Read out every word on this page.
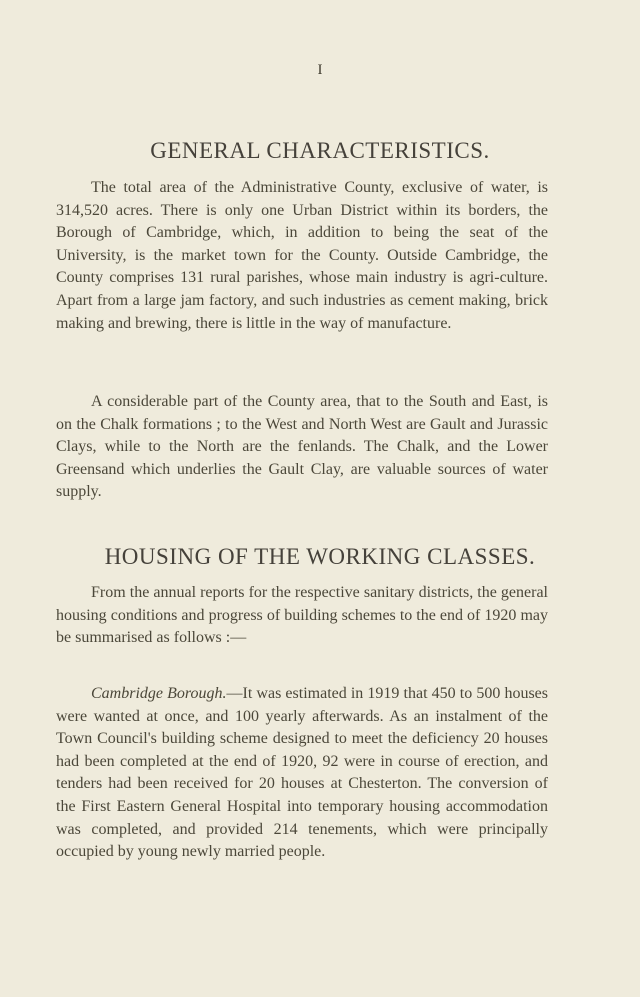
I
GENERAL CHARACTERISTICS.

The total area of the Administrative County, exclusive of water, is 314,520 acres. There is only one Urban District within its borders, the Borough of Cambridge, which, in addition to being the seat of the University, is the market town for the County. Outside Cambridge, the County comprises 131 rural parishes, whose main industry is agri-culture. Apart from a large jam factory, and such industries as cement making, brick making and brewing, there is little in the way of manufacture.

A considerable part of the County area, that to the South and East, is on the Chalk formations ; to the West and North West are Gault and Jurassic Clays, while to the North are the fenlands. The Chalk, and the Lower Greensand which underlies the Gault Clay, are valuable sources of water supply.

HOUSING OF THE WORKING CLASSES.

From the annual reports for the respective sanitary districts, the general housing conditions and progress of building schemes to the end of 1920 may be summarised as follows :—

Cambridge Borough.—It was estimated in 1919 that 450 to 500 houses were wanted at once, and 100 yearly afterwards. As an instalment of the Town Council's building scheme designed to meet the deficiency 20 houses had been completed at the end of 1920, 92 were in course of erection, and tenders had been received for 20 houses at Chesterton. The conversion of the First Eastern General Hospital into temporary housing accommodation was completed, and provided 214 tenements, which were principally occupied by young newly married people.
